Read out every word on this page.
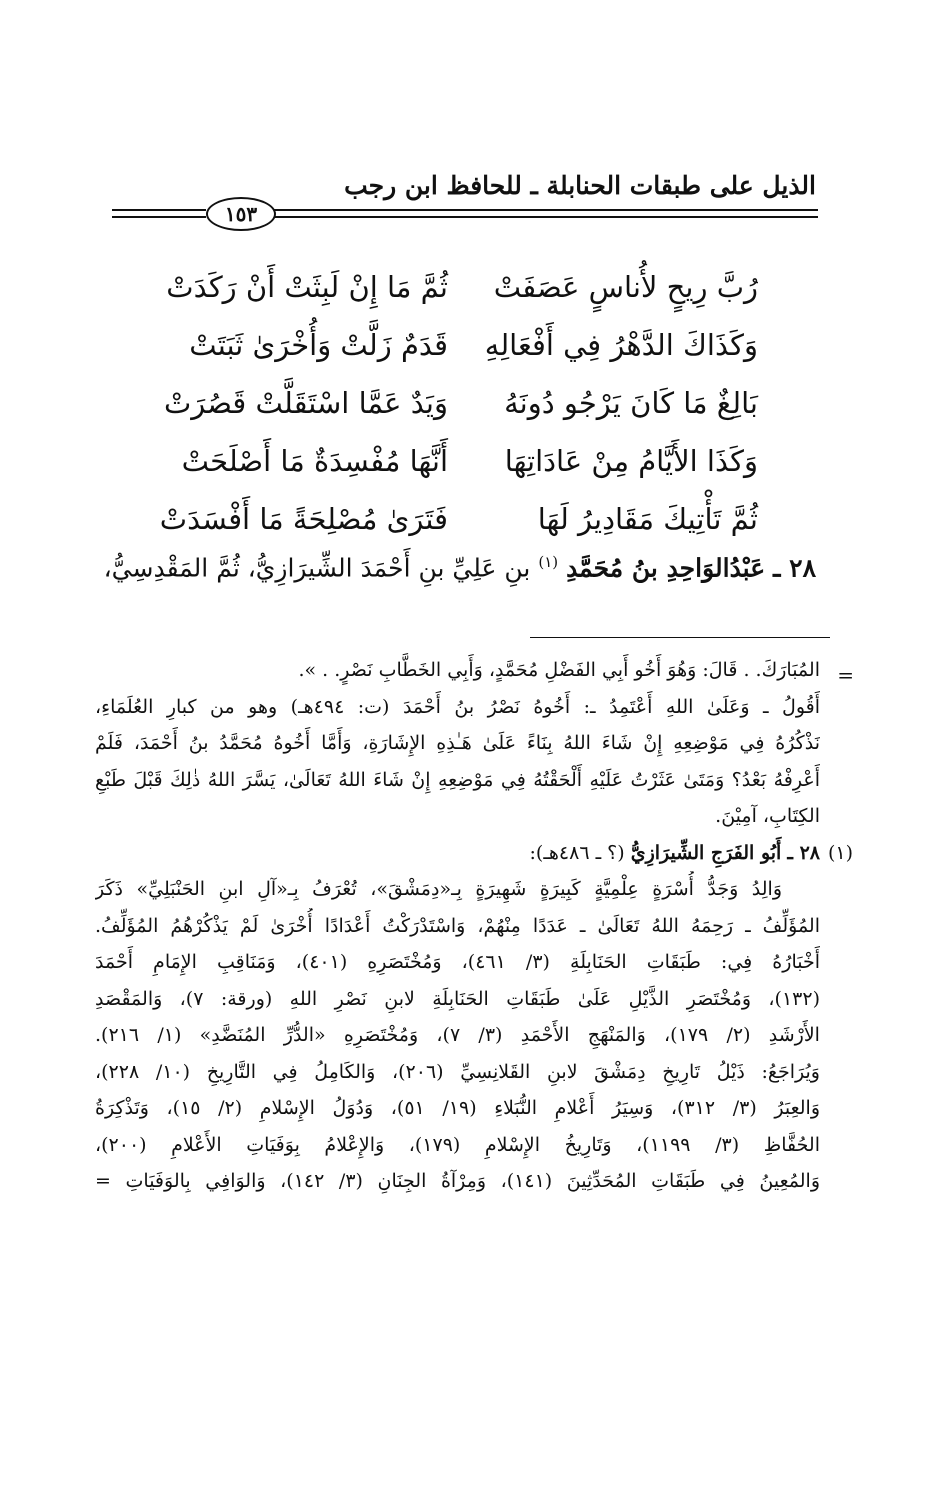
الذيل على طبقات الحنابلة ـ للحافظ ابن رجب
١٥٣
رُبَّ رِيحٍ لأُناسٍ عَصَفَتْ
ثُمَّ مَا إِنْ لَبِثَتْ أَنْ رَكَدَتْ
وَكَذَاكَ الدَّهْرُ فِي أَفْعَالِهِ
قَدَمٌ زَلَّتْ وَأُخْرَىٰ ثَبَتَتْ
بَالِغٌ مَا كَانَ يَرْجُو دُونَهُ
وَيَدٌ عَمَّا اسْتَقَلَّتْ قَصُرَتْ
وَكَذَا الأَيَّامُ مِنْ عَادَاتِهَا
أَنَّهَا مُفْسِدَةٌ مَا أَصْلَحَتْ
ثُمَّ تَأْتِيكَ مَقَادِيرُ لَهَا
فَتَرَىٰ مُصْلِحَةً مَا أَفْسَدَتْ
٢٨ ـ عَبْدُالوَاحِدِ بنُ مُحَمَّدِ $^{(١)}$ بنِ عَلِيِّ بنِ أَحْمَدَ الشِّيرَازِيُّ، ثُمَّ المَقْدِسِيُّ،
=
المُبَارَكَ. . قَالَ: وَهُوَ أَخُو أَبِي الفَضْلِ مُحَمَّدٍ، وَأَبِي الخَطَّابِ نَصْرٍ. . ».
أَقُولُ ـ وَعَلَىٰ اللهِ أَعْتَمِدُ ـ: أَخُوهُ نَصْرُ بنُ أَحْمَدَ (ت: ٤٩٤هـ) وهو من كبارِ العُلَمَاءِ،
نَذْكُرُهُ فِي مَوْضِعِهِ إِنْ شَاءَ اللهُ بِنَاءً عَلَىٰ هَـٰذِهِ الإِشَارَةِ، وَأَمَّا أَخُوهُ مُحَمَّدُ بنُ أَحْمَدَ، فَلَمْ
أَعْرِفْهُ بَعْدُ؟ وَمَتَىٰ عَثَرْتُ عَلَيْهِ أَلْحَقْتُهُ فِي مَوْضِعِهِ إِنْ شَاءَ اللهُ تَعَالَىٰ، يَسَّرَ اللهُ ذٰلِكَ قَبْلَ طَبْعِ
الكِتَابِ، آمِيْنَ.
(١)
٢٨ ـ أَبُو الفَرَجِ الشِّيرَازِيُّ (؟ ـ ٤٨٦هـ):
وَالِدُ وَجَدُّ أُسْرَةٍ عِلْمِيَّةٍ كَبِيرَةٍ شَهِيرَةٍ بِـ«دِمَشْقَ»، تُعْرَفُ بِـ«آلِ ابنِ الحَنْبَلِيِّ» ذَكَرَ
المُؤَلِّفُ ـ رَحِمَهُ اللهُ تَعَالَىٰ ـ عَدَدًا مِنْهُمْ، وَاسْتَدْرَكْتُ أَعْدَادًا أُخْرَىٰ لَمْ يَذْكُرْهُمُ المُؤَلِّفُ.
أَخْبَارُهُ فِي: طَبَقَاتِ الحَنَابِلَةِ (٣/ ٤٦١)، وَمُخْتَصَرِهِ (٤٠١)، وَمَنَاقِبِ الإِمَامِ أَحْمَدَ
(١٣٢)، وَمُخْتَصَرِ الذَّيْلِ عَلَىٰ طَبَقَاتِ الحَنَابِلَةِ لابنِ نَصْرِ اللهِ (ورقة: ٧)، وَالمَقْصَدِ
الأَرْشَدِ (٢/ ١٧٩)، وَالمَنْهَجِ الأَحْمَدِ (٣/ ٧)، وَمُخْتَصَرِهِ «الدُّرِّ المُنَضَّدِ» (١/ ٢١٦).
وَيُرَاجَعُ: ذَيْلُ تَارِيخِ دِمَشْقَ لابنِ القَلانِسِيِّ (٢٠٦)، وَالكَامِلُ فِي التَّارِيخِ (١٠/ ٢٢٨)،
وَالعِبَرُ (٣/ ٣١٢)، وَسِيَرُ أَعْلامِ النُّبَلاءِ (١٩/ ٥١)، وَدُوَلُ الإِسْلامِ (٢/ ١٥)، وَتَذْكِرَةُ
الحُفَّاظِ (٣/ ١١٩٩)، وَتَارِيخُ الإِسْلامِ (١٧٩)، وَالإِعْلامُ بِوَفَيَاتِ الأَعْلامِ (٢٠٠)،
وَالمُعِينُ فِي طَبَقَاتِ المُحَدِّثِينَ (١٤١)، وَمِرْآةُ الجِنَانِ (٣/ ١٤٢)، وَالوَافِي بِالوَفَيَاتِ =
